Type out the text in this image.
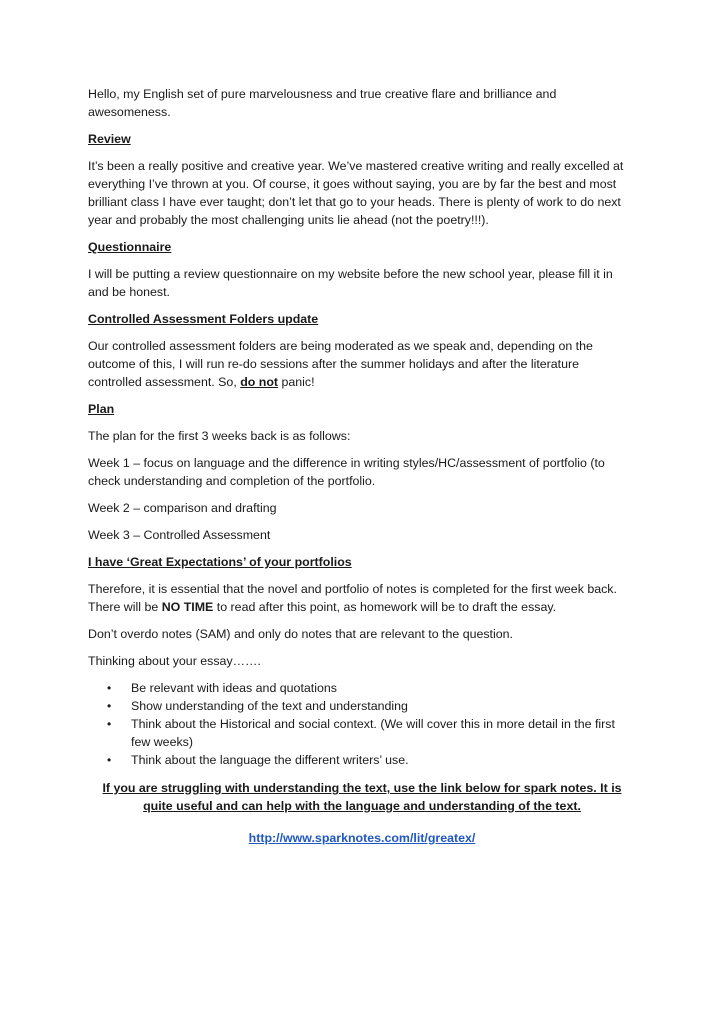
Hello, my English set of pure marvelousness and true creative flare and brilliance and awesomeness.

Review

It’s been a really positive and creative year. We’ve mastered creative writing and really excelled at everything I’ve thrown at you. Of course, it goes without saying, you are by far the best and most brilliant class I have ever taught; don’t let that go to your heads. There is plenty of work to do next year and probably the most challenging units lie ahead (not the poetry!!!).

Questionnaire

I will be putting a review questionnaire on my website before the new school year, please fill it in and be honest.

Controlled Assessment Folders update

Our controlled assessment folders are being moderated as we speak and, depending on the outcome of this, I will run re-do sessions after the summer holidays and after the literature controlled assessment. So, do not panic!

Plan

The plan for the first 3 weeks back is as follows:

Week 1 – focus on language and the difference in writing styles/HC/assessment of portfolio (to check understanding and completion of the portfolio.

Week 2 – comparison and drafting

Week 3 – Controlled Assessment

I have ‘Great Expectations’ of your portfolios

Therefore, it is essential that the novel and portfolio of notes is completed for the first week back. There will be NO TIME to read after this point, as homework will be to draft the essay.

Don’t overdo notes (SAM) and only do notes that are relevant to the question.

Thinking about your essay…….

• Be relevant with ideas and quotations
• Show understanding of the text and understanding
• Think about the Historical and social context. (We will cover this in more detail in the first few weeks)
• Think about the language the different writers’ use.

If you are struggling with understanding the text, use the link below for spark notes. It is quite useful and can help with the language and understanding of the text.

http://www.sparknotes.com/lit/greatex/
